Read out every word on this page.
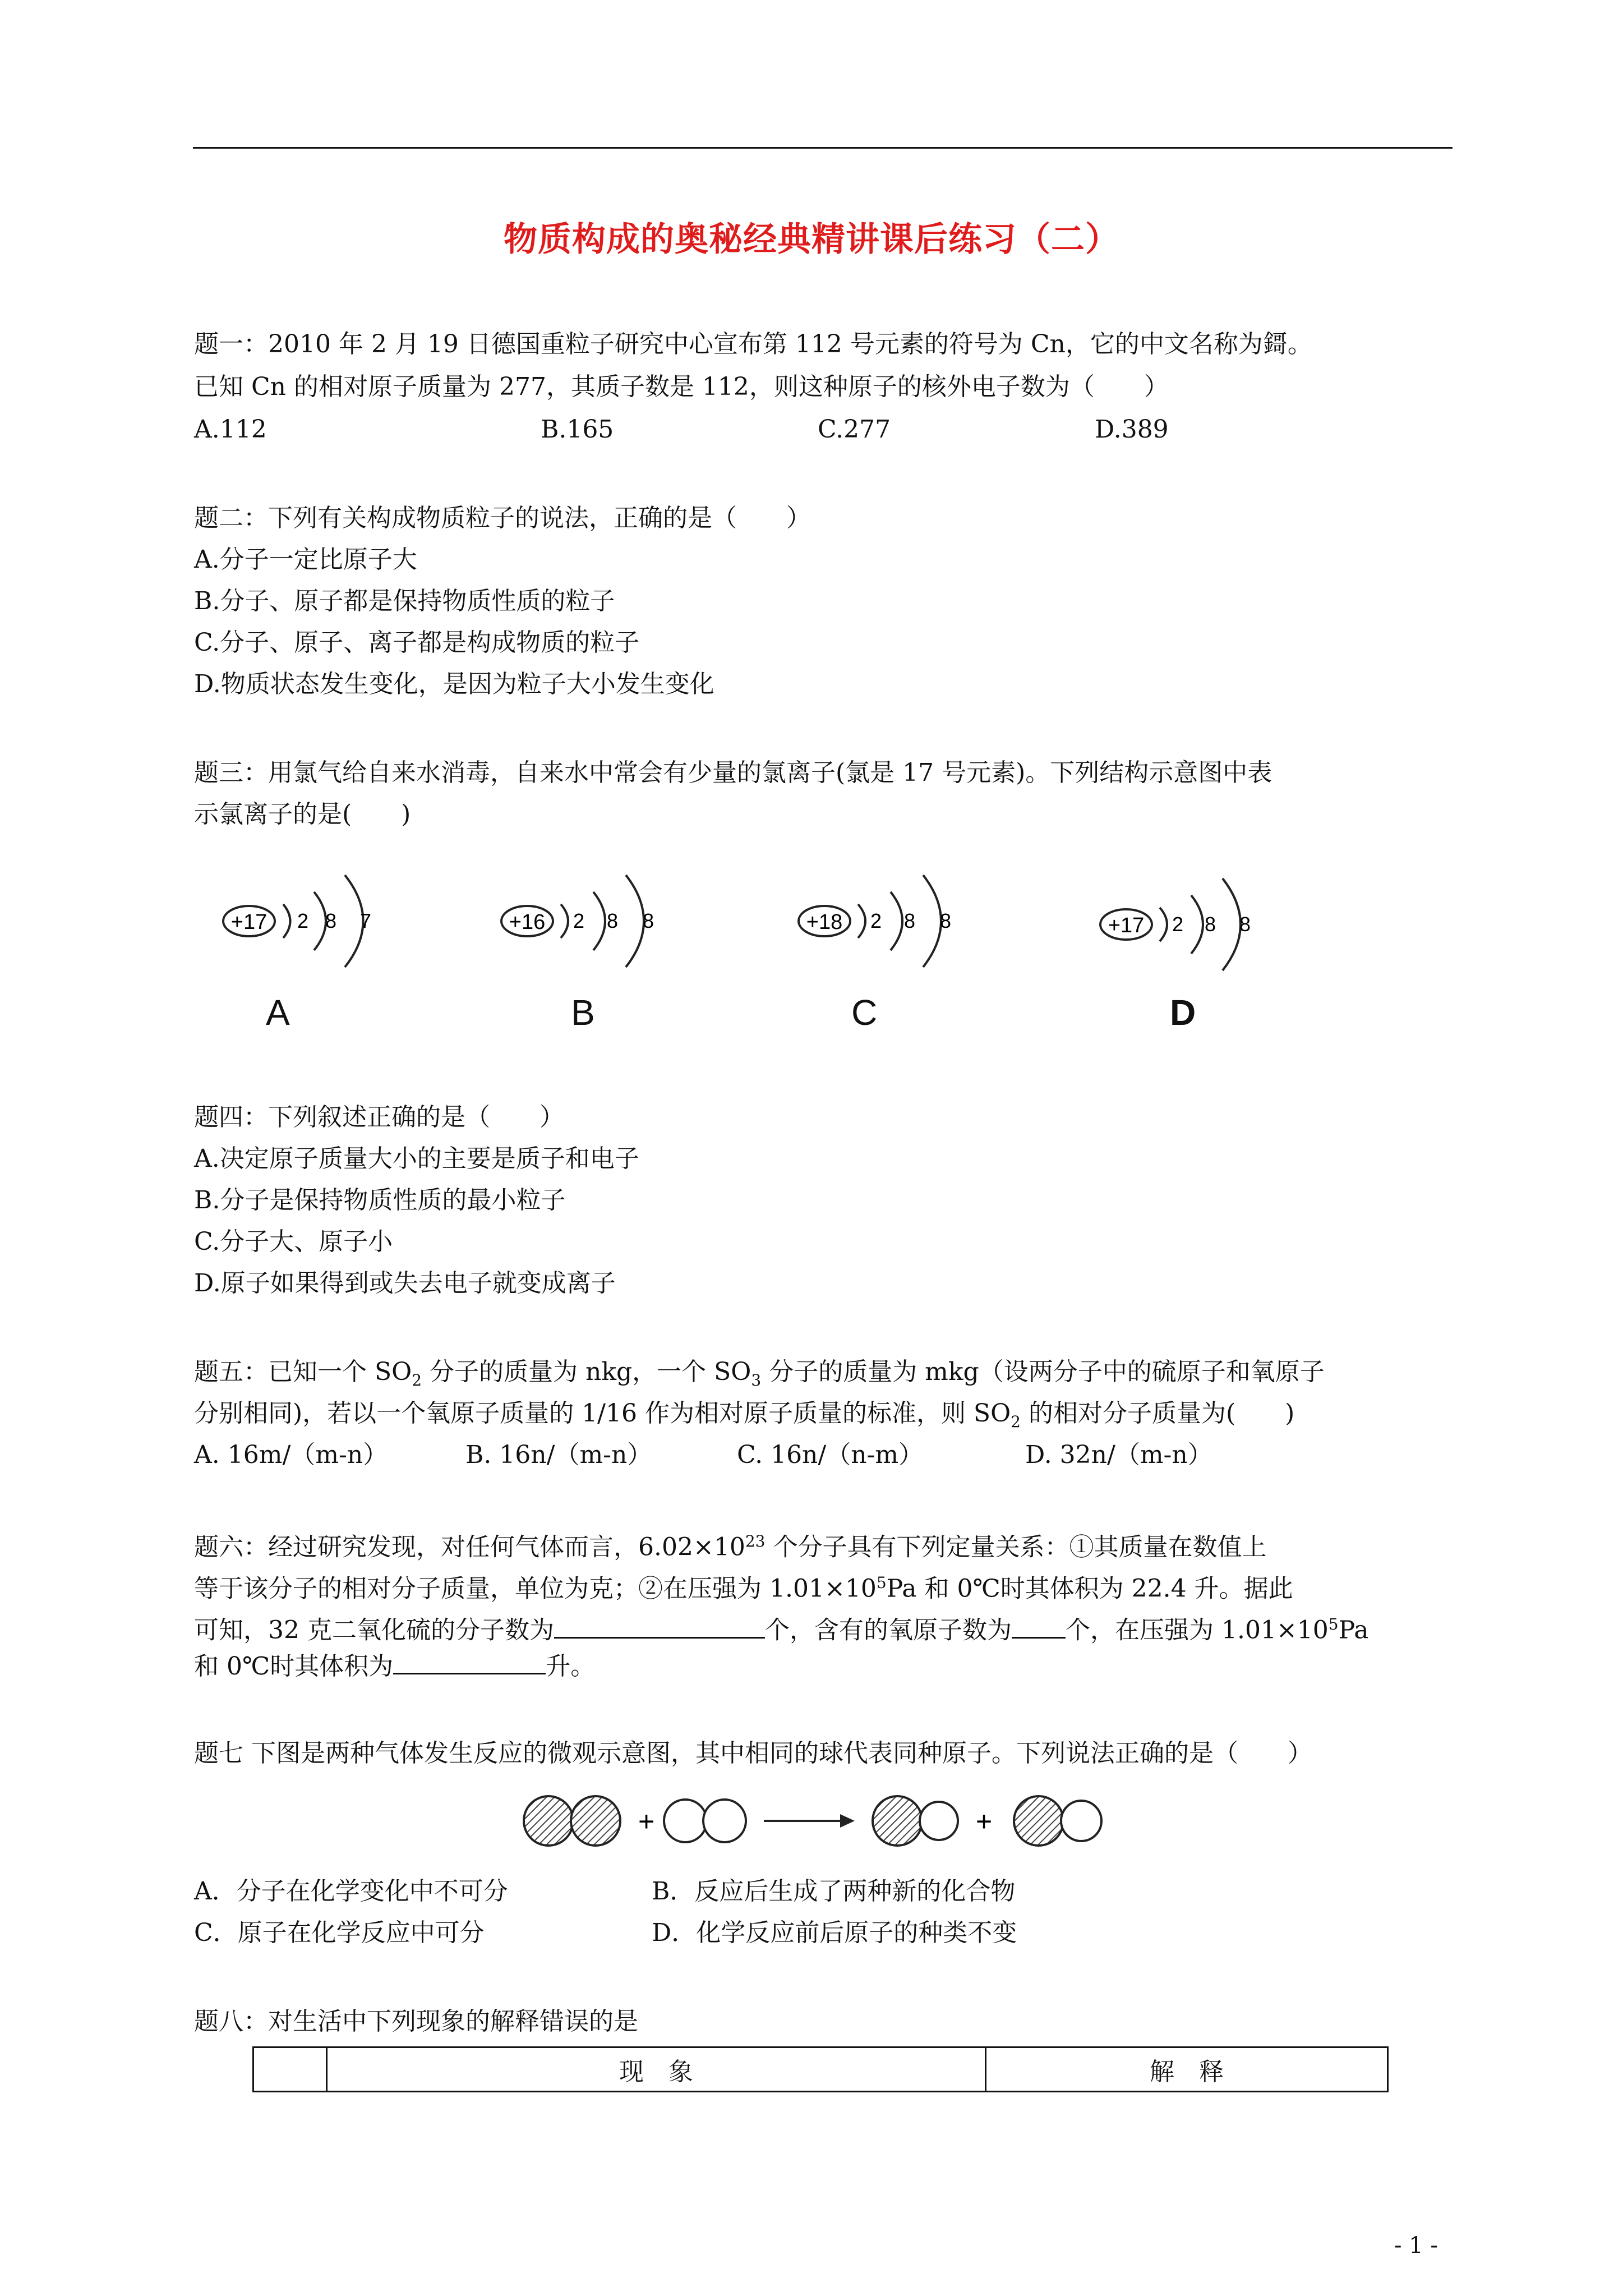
物质构成的奥秘经典精讲课后练习（二）
题一：2010 年 2 月 19 日德国重粒子研究中心宣布第 112 号元素的符号为 Cn，它的中文名称为鎶。
已知 Cn 的相对原子质量为 277，其质子数是 112，则这种原子的核外电子数为（　　）
A.112	B.165	C.277	D.389
题二：下列有关构成物质粒子的说法，正确的是（　　）
A.分子一定比原子大
B.分子、原子都是保持物质性质的粒子
C.分子、原子、离子都是构成物质的粒子
D.物质状态发生变化，是因为粒子大小发生变化
题三：用氯气给自来水消毒，自来水中常会有少量的氯离子(氯是 17 号元素)。下列结构示意图中表
示氯离子的是(　　)
+17 2 8 7
A
+16 2 8 8
B
+18 2 8 8
C
+17 2 8 8
D
题四：下列叙述正确的是（　　）
A.决定原子质量大小的主要是质子和电子
B.分子是保持物质性质的最小粒子
C.分子大、原子小
D.原子如果得到或失去电子就变成离子
题五：已知一个 $SO_2$ 分子的质量为 nkg，一个 $SO_3$ 分子的质量为 mkg（设两分子中的硫原子和氧原子
分别相同)，若以一个氧原子质量的 1/16 作为相对原子质量的标准，则 $SO_2$ 的相对分子质量为(　　)
A. 16m/（m-n）	B. 16n/（m-n）	C. 16n/（n-m）	D. 32n/（m-n）
题六：经过研究发现，对任何气体而言，$6.02\times 10^{23}$ 个分子具有下列定量关系：①其质量在数值上
等于该分子的相对分子质量，单位为克；②在压强为 $1.01\times 10^5Pa$ 和 0℃时其体积为 22.4 升。据此
可知，32 克二氧化硫的分子数为	个，含有的氧原子数为 个，在压强为 $1.01\times 10^5Pa$
和 0℃时其体积为	升。
题七 下图是两种气体发生反应的微观示意图，其中相同的球代表同种原子。下列说法正确的是（　　）
+	+
A．分子在化学变化中不可分	B．反应后生成了两种新的化合物
C．原子在化学反应中可分	D．化学反应前后原子的种类不变
题八：对生活中下列现象的解释错误的是
	现　象	解　释
- 1 -
